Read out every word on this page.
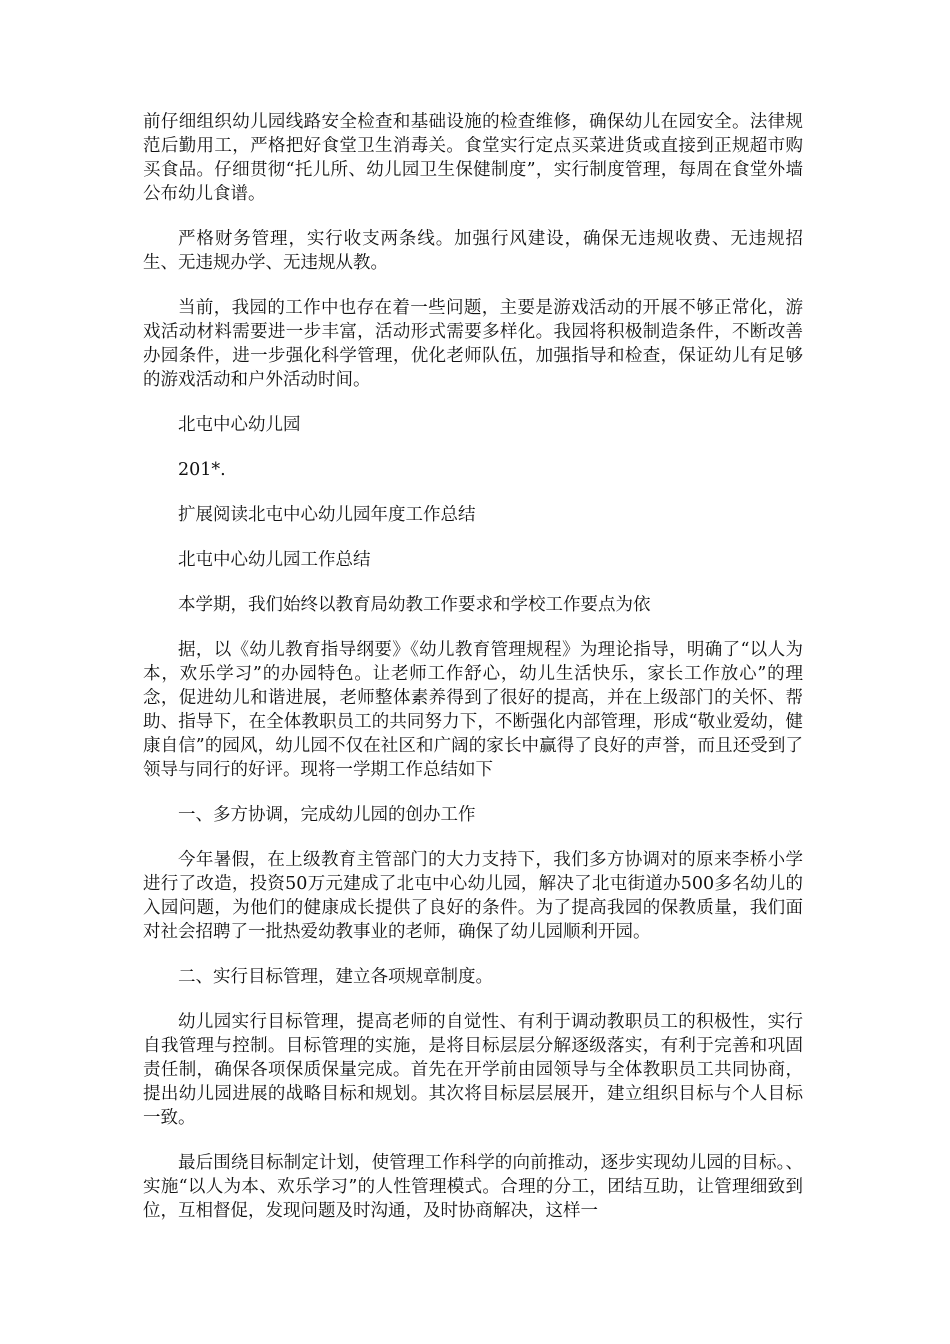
前仔细组织幼儿园线路安全检查和基础设施的检查维修，确保幼儿在园安全。法律规范后勤用工，严格把好食堂卫生消毒关。食堂实行定点买菜进货或直接到正规超市购买食品。仔细贯彻“托儿所、幼儿园卫生保健制度”，实行制度管理，每周在食堂外墙公布幼儿食谱。

严格财务管理，实行收支两条线。加强行风建设，确保无违规收费、无违规招生、无违规办学、无违规从教。

当前，我园的工作中也存在着一些问题，主要是游戏活动的开展不够正常化，游戏活动材料需要进一步丰富，活动形式需要多样化。我园将积极制造条件，不断改善办园条件，进一步强化科学管理，优化老师队伍，加强指导和检查，保证幼儿有足够的游戏活动和户外活动时间。

北屯中心幼儿园

201*.

扩展阅读北屯中心幼儿园年度工作总结

北屯中心幼儿园工作总结

本学期，我们始终以教育局幼教工作要求和学校工作要点为依

据，以《幼儿教育指导纲要》《幼儿教育管理规程》为理论指导，明确了“以人为本，欢乐学习”的办园特色。让老师工作舒心，幼儿生活快乐，家长工作放心”的理念，促进幼儿和谐进展，老师整体素养得到了很好的提高，并在上级部门的关怀、帮助、指导下，在全体教职员工的共同努力下，不断强化内部管理，形成“敬业爱幼，健康自信”的园风，幼儿园不仅在社区和广阔的家长中赢得了良好的声誉，而且还受到了领导与同行的好评。现将一学期工作总结如下

一、多方协调，完成幼儿园的创办工作

今年暑假，在上级教育主管部门的大力支持下，我们多方协调对的原来李桥小学进行了改造，投资50万元建成了北屯中心幼儿园，解决了北屯街道办500多名幼儿的入园问题，为他们的健康成长提供了良好的条件。为了提高我园的保教质量，我们面对社会招聘了一批热爱幼教事业的老师，确保了幼儿园顺利开园。

二、实行目标管理，建立各项规章制度。

幼儿园实行目标管理，提高老师的自觉性、有利于调动教职员工的积极性，实行自我管理与控制。目标管理的实施，是将目标层层分解逐级落实，有利于完善和巩固责任制，确保各项保质保量完成。首先在开学前由园领导与全体教职员工共同协商，提出幼儿园进展的战略目标和规划。其次将目标层层展开，建立组织目标与个人目标一致。

最后围绕目标制定计划，使管理工作科学的向前推动，逐步实现幼儿园的目标。、实施“以人为本、欢乐学习”的人性管理模式。合理的分工，团结互助，让管理细致到位，互相督促，发现问题及时沟通，及时协商解决，这样一
